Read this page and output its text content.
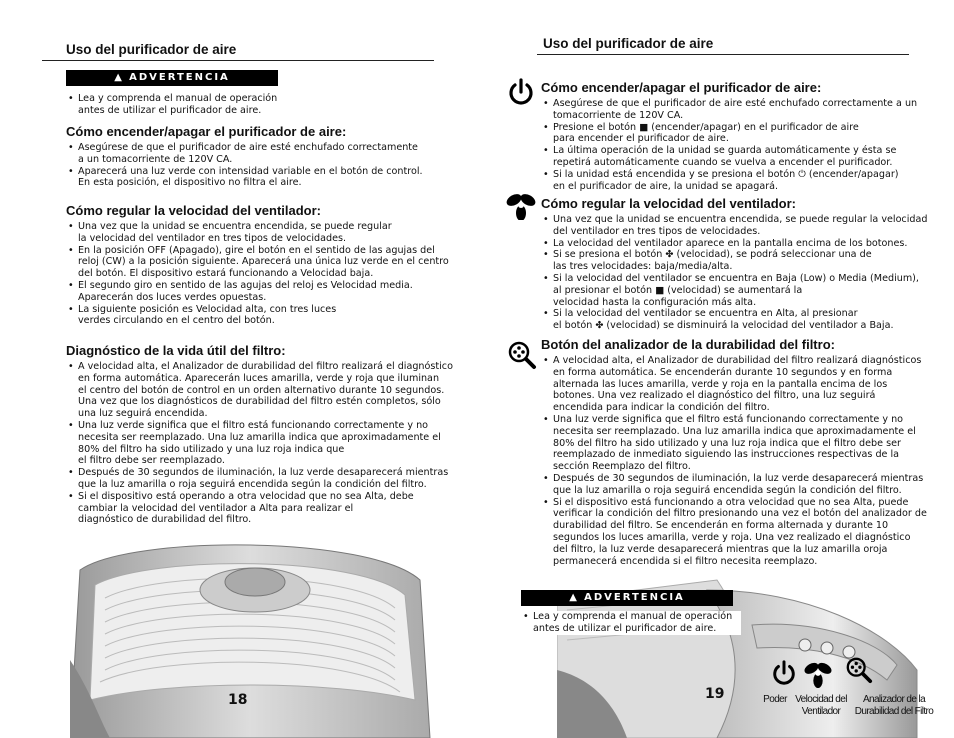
Uso del purificador de aire
▲ ADVERTENCIA
• Lea y comprenda el manual de operación
antes de utilizar el purificador de aire.
Cómo encender/apagar el purificador de aire:
• Asegúrese de que el purificador de aire esté enchufado correctamente
a un tomacorriente de 120V CA.
• Aparecerá una luz verde con intensidad variable en el botón de control.
En esta posición, el dispositivo no filtra el aire.
Cómo regular la velocidad del ventilador:
• Una vez que la unidad se encuentra encendida, se puede regular
la velocidad del ventilador en tres tipos de velocidades.
• En la posición OFF (Apagado), gire el botón en el sentido de las agujas del
reloj (CW) a la posición siguiente. Aparecerá una única luz verde en el centro
del botón. El dispositivo estará funcionando a Velocidad baja.
• El segundo giro en sentido de las agujas del reloj es Velocidad media.
Aparecerán dos luces verdes opuestas.
• La siguiente posición es Velocidad alta, con tres luces
verdes circulando en el centro del botón.
Diagnóstico de la vida útil del filtro:
• A velocidad alta, el Analizador de durabilidad del filtro realizará el diagnóstico
en forma automática. Aparecerán luces amarilla, verde y roja que iluminan
el centro del botón de control en un orden alternativo durante 10 segundos.
Una vez que los diagnósticos de durabilidad del filtro estén completos, sólo
una luz seguirá encendida.
• Una luz verde significa que el filtro está funcionando correctamente y no
necesita ser reemplazado. Una luz amarilla indica que aproximadamente el
80% del filtro ha sido utilizado y una luz roja indica que
el filtro debe ser reemplazado.
• Después de 30 segundos de iluminación, la luz verde desaparecerá mientras
que la luz amarilla o roja seguirá encendida según la condición del filtro.
• Si el dispositivo está operando a otra velocidad que no sea Alta, debe
cambiar la velocidad del ventilador a Alta para realizar el
diagnóstico de durabilidad del filtro.
18
Uso del purificador de aire
Cómo encender/apagar el purificador de aire:
• Asegúrese de que el purificador de aire esté enchufado correctamente a un
tomacorriente de 120V CA.
• Presione el botón ■ (encender/apagar) en el purificador de aire
para encender el purificador de aire.
• La última operación de la unidad se guarda automáticamente y ésta se
repetirá automáticamente cuando se vuelva a encender el purificador.
• Si la unidad está encendida y se presiona el botón ⏻ (encender/apagar)
en el purificador de aire, la unidad se apagará.
Cómo regular la velocidad del ventilador:
• Una vez que la unidad se encuentra encendida, se puede regular la velocidad
del ventilador en tres tipos de velocidades.
• La velocidad del ventilador aparece en la pantalla encima de los botones.
• Si se presiona el botón ✤ (velocidad), se podrá seleccionar una de
las tres velocidades: baja/media/alta.
• Si la velocidad del ventilador se encuentra en Baja (Low) o Media (Medium),
al presionar el botón ■ (velocidad) se aumentará la
velocidad hasta la configuración más alta.
• Si la velocidad del ventilador se encuentra en Alta, al presionar
el botón ✤ (velocidad) se disminuirá la velocidad del ventilador a Baja.
Botón del analizador de la durabilidad del filtro:
• A velocidad alta, el Analizador de durabilidad del filtro realizará diagnósticos
en forma automática. Se encenderán durante 10 segundos y en forma
alternada las luces amarilla, verde y roja en la pantalla encima de los
botones. Una vez realizado el diagnóstico del filtro, una luz seguirá
encendida para indicar la condición del filtro.
• Una luz verde significa que el filtro está funcionando correctamente y no
necesita ser reemplazado. Una luz amarilla indica que aproximadamente el
80% del filtro ha sido utilizado y una luz roja indica que el filtro debe ser
reemplazado de inmediato siguiendo las instrucciones respectivas de la
sección Reemplazo del filtro.
• Después de 30 segundos de iluminación, la luz verde desaparecerá mientras
que la luz amarilla o roja seguirá encendida según la condición del filtro.
• Si el dispositivo está funcionando a otra velocidad que no sea Alta, puede
verificar la condición del filtro presionando una vez el botón del analizador de
durabilidad del filtro. Se encenderán en forma alternada y durante 10
segundos los luces amarilla, verde y roja. Una vez realizado el diagnóstico
del filtro, la luz verde desaparecerá mientras que la luz amarilla oroja
permanecerá encendida si el filtro necesita reemplazo.
▲ ADVERTENCIA
• Lea y comprenda el manual de operación
antes de utilizar el purificador de aire.
Poder Velocidad del
Ventilador
Analizador de la
Durabilidad del Filtro
19
